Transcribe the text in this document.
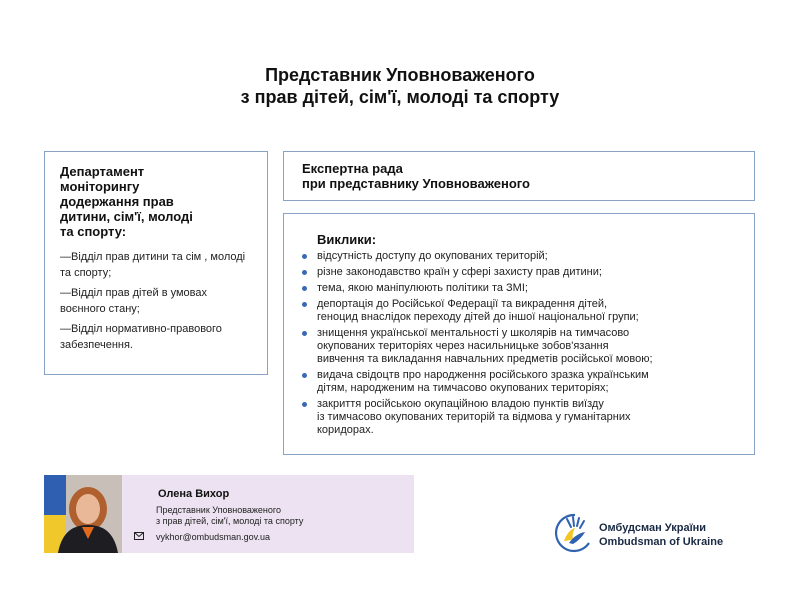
Представник Уповноваженого
з прав дітей, сім'ї, молоді та спорту
Департамент моніторингу додержання прав дитини, сім'ї, молоді та спорту:
—Відділ прав дитини та сім , молоді та спорту;
—Відділ прав дітей в умовах воєнного стану;
—Відділ нормативно-правового забезпечення.
Експертна рада
при представнику Уповноваженого
Виклики:
відсутність доступу до окупованих територій;
різне законодавство країн у сфері захисту прав дитини;
тема, якою маніпулюють політики та ЗМІ;
депортація до Російської Федерації та викрадення дітей,
геноцид внаслідок переходу дітей до іншої національної групи;
знищення української ментальності у школярів на тимчасово
окупованих територіях через насильницьке зобов'язання
вивчення та викладання навчальних предметів російської мовою;
видача свідоцтв про народження російського зразка українським
дітям, народженим на тимчасово окупованих територіях;
закриття російською окупаційною владою пунктів виїзду
із тимчасово окупованих територій та відмова у гуманітарних
коридорах.
Олена Вихор
Представник Уповноваженого
з прав дітей, сім'ї, молоді та спорту
vykhor@ombudsman.gov.ua
Омбудсман України
Ombudsman of Ukraine
